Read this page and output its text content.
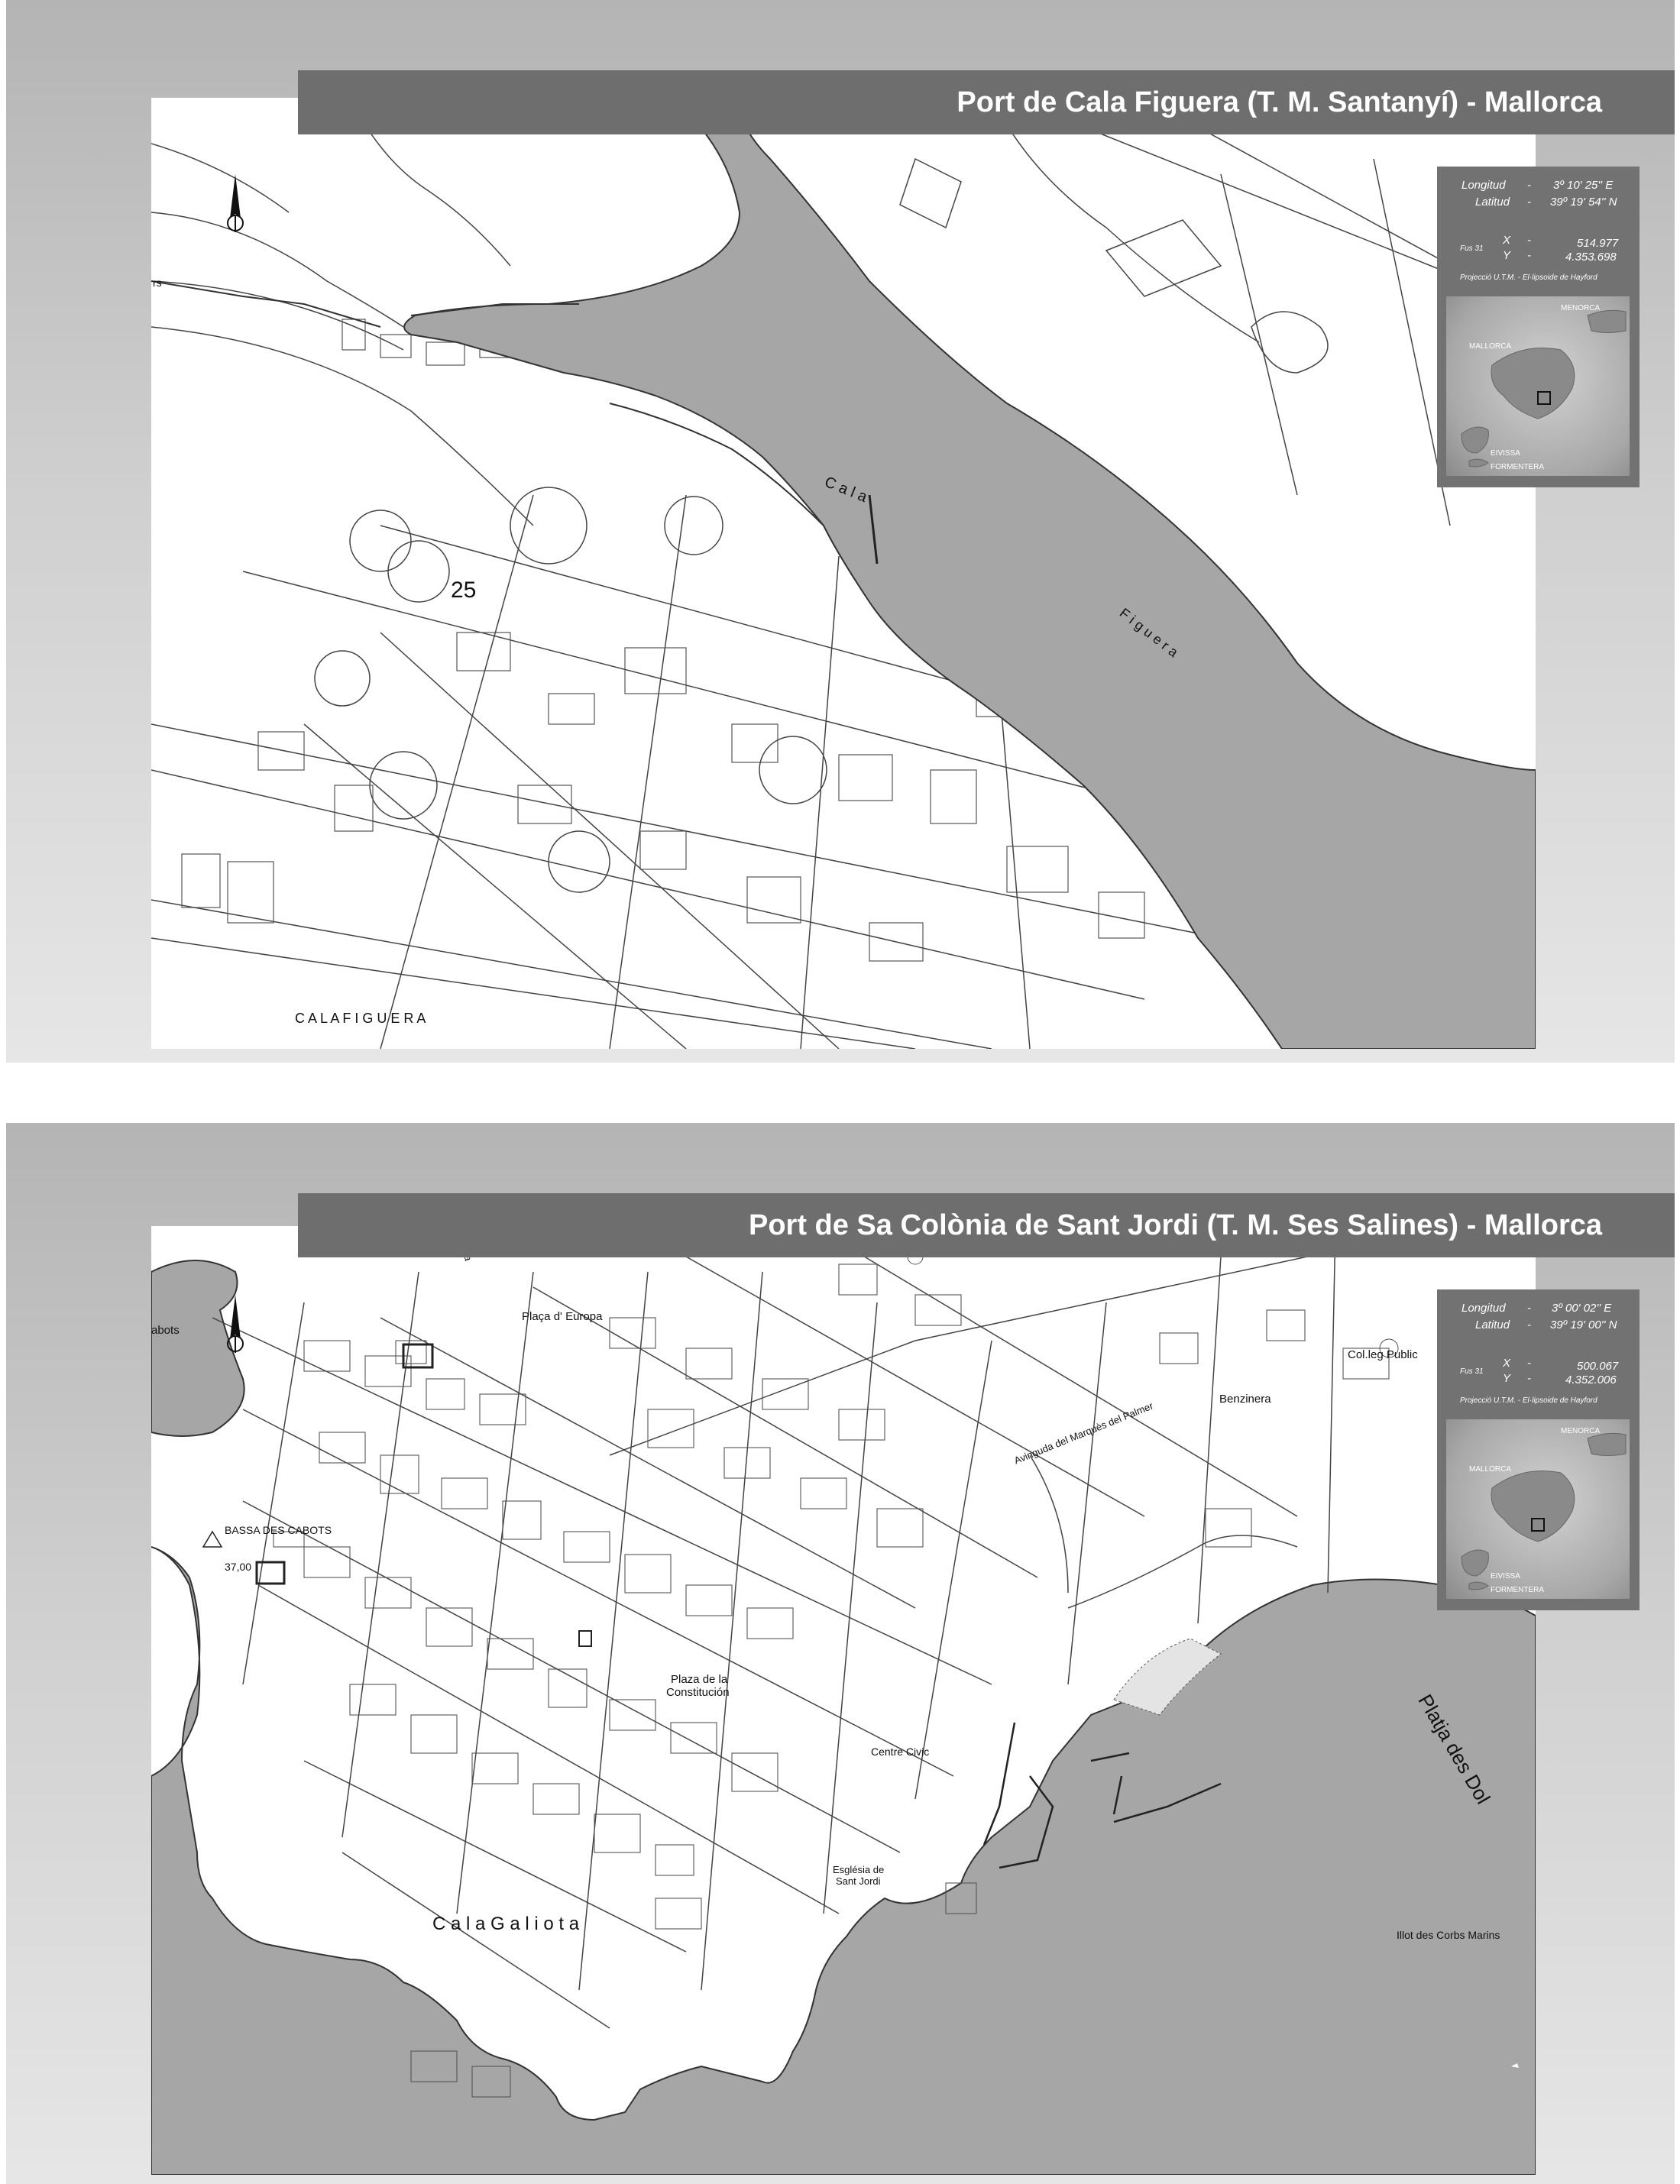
C a l a
F i g u e r a
C A L A F I G U E R A
25
rs
Port de Cala Figuera (T. M. Santanyí) - Mallorca
Longitud - 3º 10' 25'' E
Latitud - 39º 19' 54'' N
Fus 31
X -	514.977
Y -	4.353.698
Projecció U.T.M. - El·lipsoide de Hayford
MENORCA
MALLORCA
EIVISSA
FORMENTERA
abots
Plaça d' Europa
Col.leg Public
Benzinera
Avinguda del Marquès del Palmer
BASSA DES CABOTS
37,00
Plaza de la
Constitución
Centre Civic
Església de
Sant Jordi
C a l a G a l i o t a
Platja des Dol
Illot des Corbs Marins
Port de Sa Colònia de Sant Jordi (T. M. Ses Salines) - Mallorca
Longitud - 3º 00' 02'' E
Latitud - 39º 19' 00'' N
Fus 31
X -	500.067
Y -	4.352.006
Projecció U.T.M. - El·lipsoide de Hayford
MENORCA
MALLORCA
EIVISSA
FORMENTERA
